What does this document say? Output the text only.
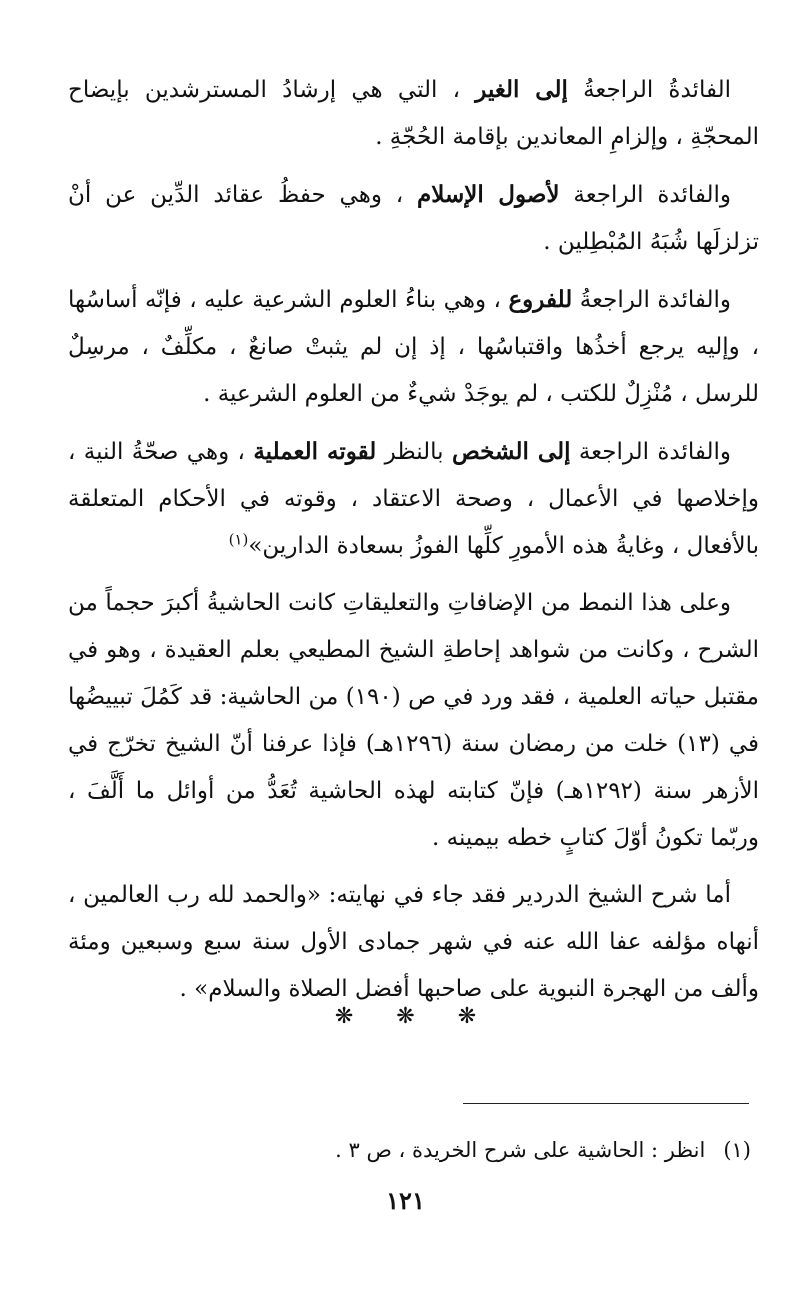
الفائدةُ الراجعةُ إلى الغير ، التي هي إرشادُ المسترشدين بإيضاح المحجّةِ ، وإلزامِ المعاندين بإقامة الحُجّةِ .

والفائدة الراجعة لأصول الإسلام ، وهي حفظُ عقائد الدِّين عن أنْ تزلزلَها شُبَهُ المُبْطِلين .

والفائدة الراجعةُ للفروع ، وهي بناءُ العلوم الشرعية عليه ، فإنّه أساسُها ، وإليه يرجع أخذُها واقتباسُها ، إذ إن لم يثبتْ صانعٌ ، مكلِّفٌ ، مرسِلٌ للرسل ، مُنْزِلٌ للكتب ، لم يوجَدْ شيءٌ من العلوم الشرعية .

والفائدة الراجعة إلى الشخص بالنظر لقوته العملية ، وهي صحّةُ النية ، وإخلاصها في الأعمال ، وصحة الاعتقاد ، وقوته في الأحكام المتعلقة بالأفعال ، وغايةُ هذه الأمورِ كلِّها الفوزُ بسعادة الدارين»$^{(١)}$

وعلى هذا النمط من الإضافاتِ والتعليقاتِ كانت الحاشيةُ أكبرَ حجماً من الشرح ، وكانت من شواهد إحاطةِ الشيخ المطيعي بعلم العقيدة ، وهو في مقتبل حياته العلمية ، فقد ورد في ص (١٩٠) من الحاشية: قد كَمُلَ تبييضُها في (١٣) خلت من رمضان سنة (١٢٩٦هـ) فإذا عرفنا أنّ الشيخ تخرّج في الأزهر سنة (١٢٩٢هـ) فإنّ كتابته لهذه الحاشية تُعَدُّ من أوائل ما أَلَّفَ ، وربّما تكونُ أوّلَ كتابٍ خطه بيمينه .

أما شرح الشيخ الدردير فقد جاء في نهايته: «والحمد لله رب العالمين ، أنهاه مؤلفه عفا الله عنه في شهر جمادى الأول سنة سبع وسبعين ومئة وألف من الهجرة النبوية على صاحبها أفضل الصلاة والسلام» .

❋ ❋ ❋
(١)انظر : الحاشية على شرح الخريدة ، ص ٣ .
١٢١
